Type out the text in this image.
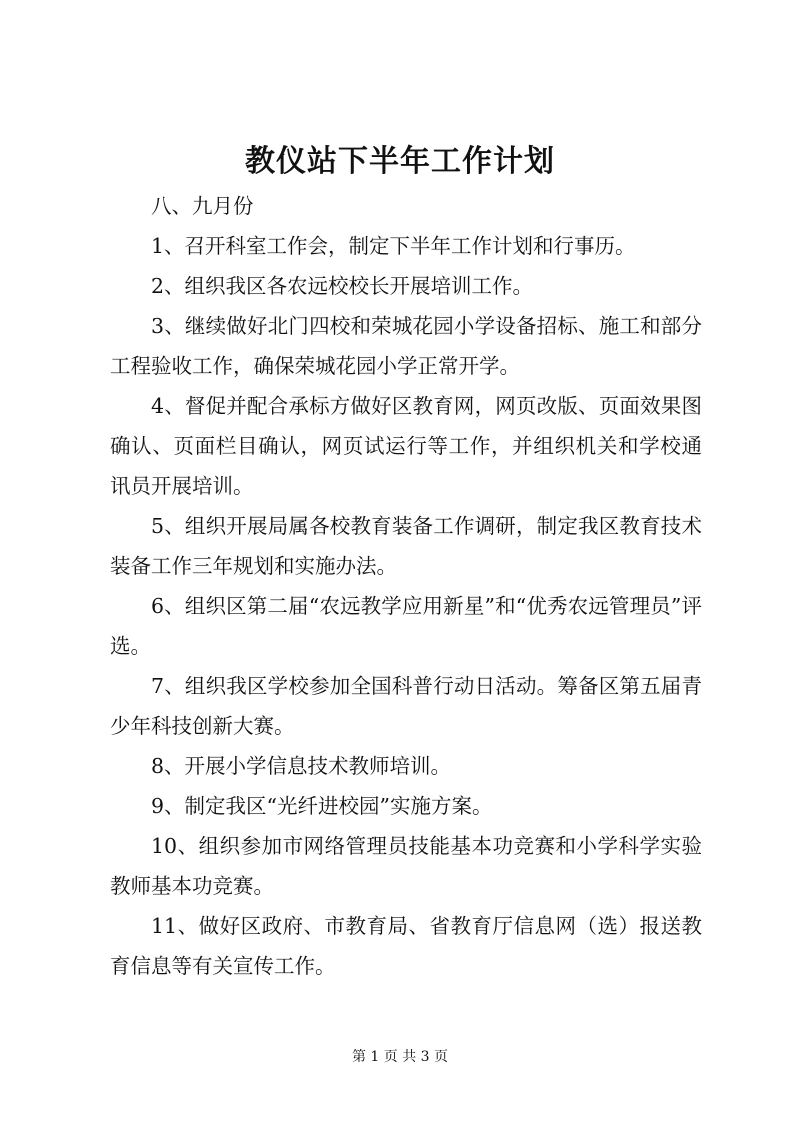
教仪站下半年工作计划

八、九月份

1、召开科室工作会，制定下半年工作计划和行事历。

2、组织我区各农远校校长开展培训工作。

3、继续做好北门四校和荣城花园小学设备招标、施工和部分工程验收工作，确保荣城花园小学正常开学。

4、督促并配合承标方做好区教育网，网页改版、页面效果图确认、页面栏目确认，网页试运行等工作，并组织机关和学校通讯员开展培训。

5、组织开展局属各校教育装备工作调研，制定我区教育技术装备工作三年规划和实施办法。

6、组织区第二届“农远教学应用新星”和“优秀农远管理员”评选。

7、组织我区学校参加全国科普行动日活动。筹备区第五届青少年科技创新大赛。

8、开展小学信息技术教师培训。

9、制定我区“光纤进校园”实施方案。

10、组织参加市网络管理员技能基本功竞赛和小学科学实验教师基本功竞赛。

11、做好区政府、市教育局、省教育厅信息网（选）报送教育信息等有关宣传工作。

第 1 页 共 3 页
